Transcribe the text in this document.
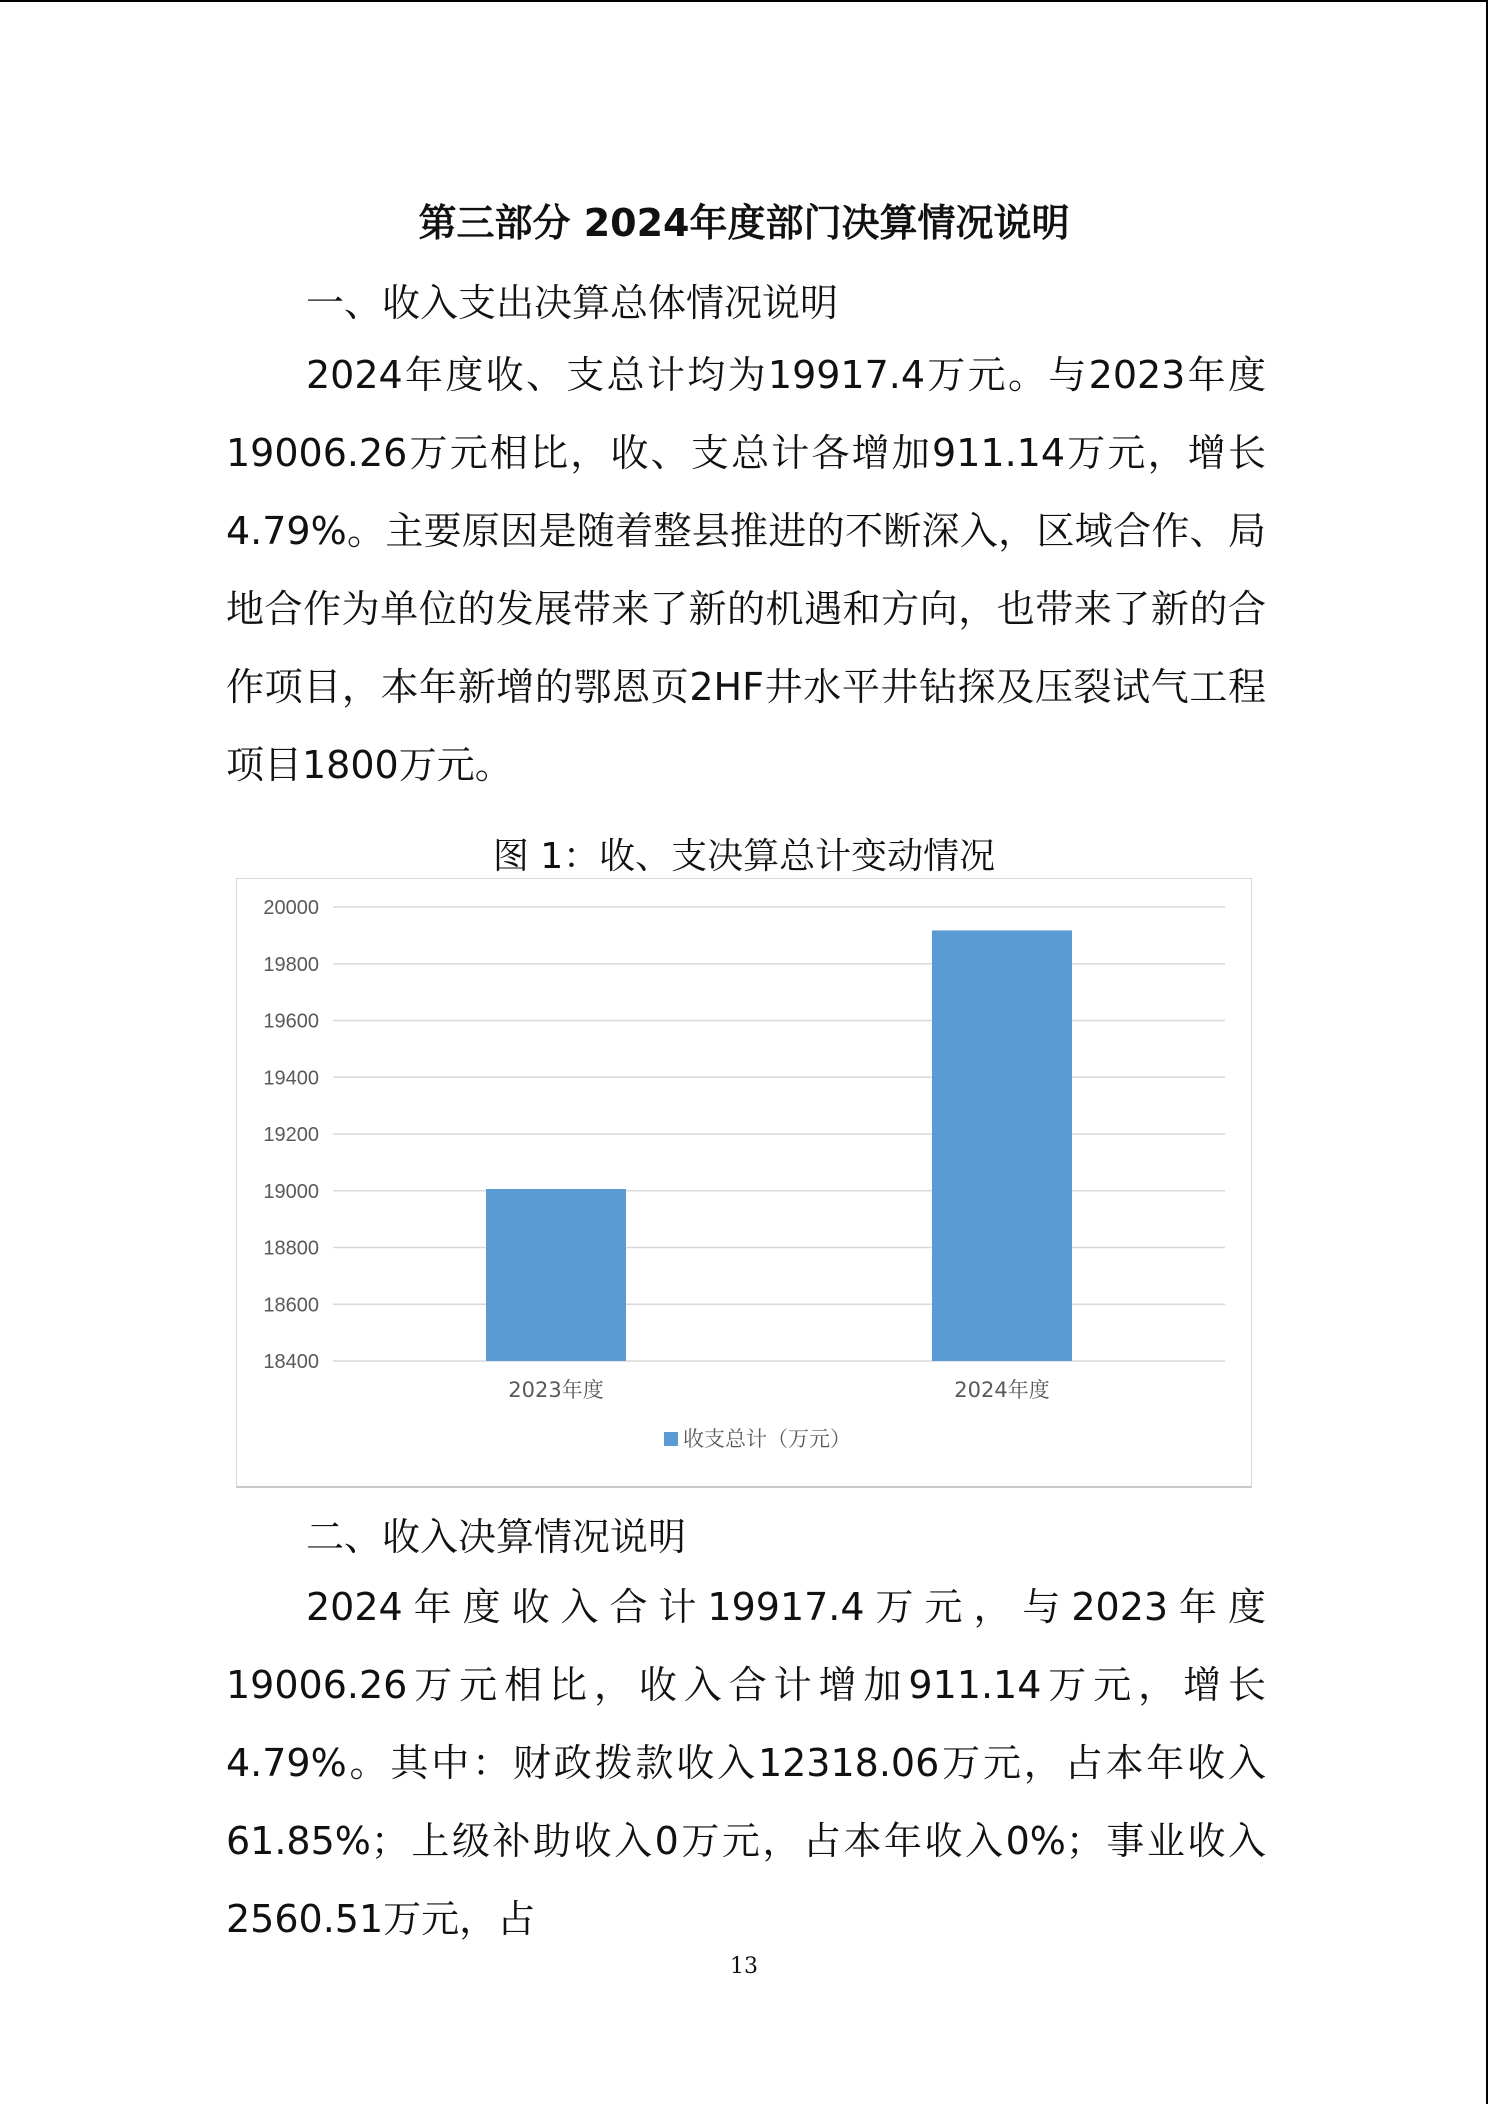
第三部分 2024年度部门决算情况说明
一、收入支出决算总体情况说明

2024年度收、支总计均为19917.4万元。与2023年度19006.26万元相比，收、支总计各增加911.14万元，增长4.79%。主要原因是随着整县推进的不断深入，区域合作、局地合作为单位的发展带来了新的机遇和方向，也带来了新的合作项目，本年新增的鄂恩页2HF井水平井钻探及压裂试气工程项目1800万元。

图 1：收、支决算总计变动情况
20000
19800
19600
19400
19200
19000
18800
18600
18400
2023年度	2024年度
收支总计（万元）
二、收入决算情况说明

2024年度收入合计19917.4万元，与2023年度19006.26万元相比，收入合计增加911.14万元，增长4.79%。其中：财政拨款收入12318.06万元，占本年收入61.85%；上级补助收入0万元，占本年收入0%；事业收入2560.51万元，占

13
